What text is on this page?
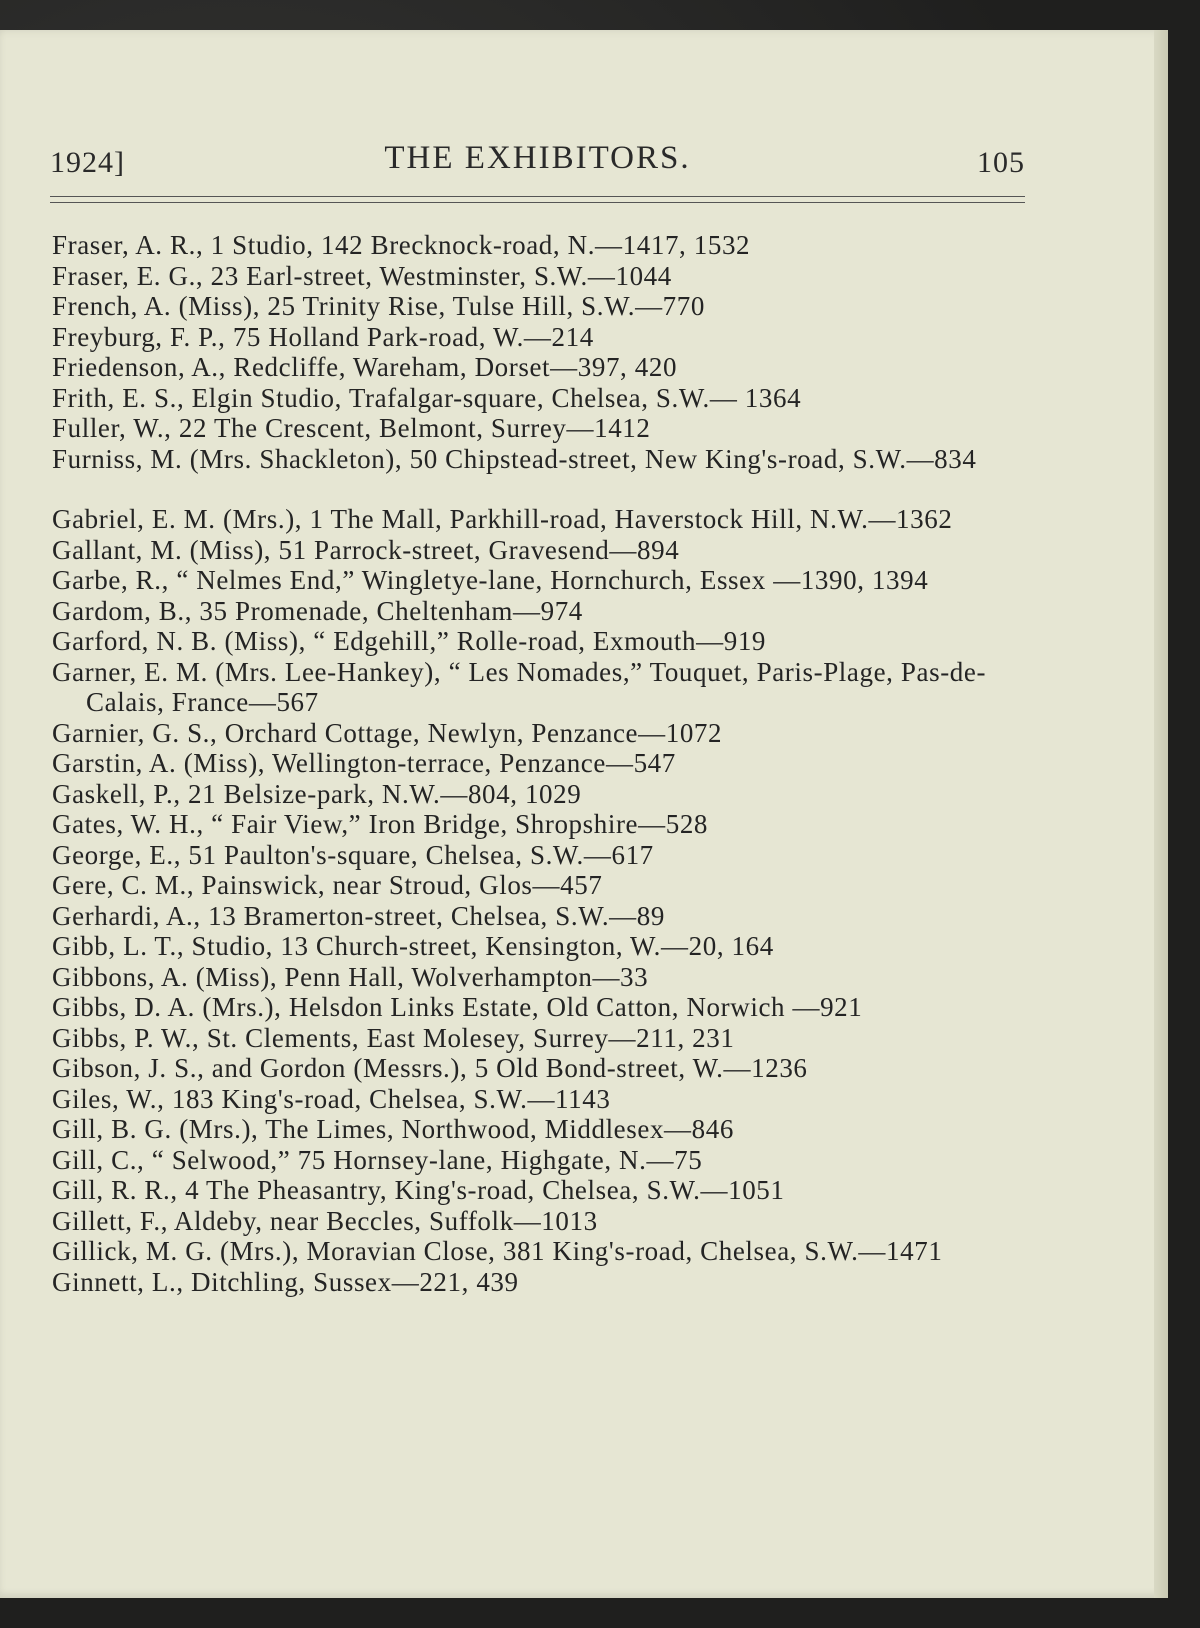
1924]	THE EXHIBITORS.	105

Fraser, A. R., 1 Studio, 142 Brecknock-road, N.—1417, 1532

Fraser, E. G., 23 Earl-street, Westminster, S.W.—1044

French, A. (Miss), 25 Trinity Rise, Tulse Hill, S.W.—770

Freyburg, F. P., 75 Holland Park-road, W.—214

Friedenson, A., Redcliffe, Wareham, Dorset—397, 420

Frith, E. S., Elgin Studio, Trafalgar-square, Chelsea, S.W.— 1364

Fuller, W., 22 The Crescent, Belmont, Surrey—1412

Furniss, M. (Mrs. Shackleton), 50 Chipstead-street, New King's-road, S.W.—834

Gabriel, E. M. (Mrs.), 1 The Mall, Parkhill-road, Haverstock Hill, N.W.—1362

Gallant, M. (Miss), 51 Parrock-street, Gravesend—894

Garbe, R., “ Nelmes End,” Wingletye-lane, Hornchurch, Essex —1390, 1394

Gardom, B., 35 Promenade, Cheltenham—974

Garford, N. B. (Miss), “ Edgehill,” Rolle-road, Exmouth—919

Garner, E. M. (Mrs. Lee-Hankey), “ Les Nomades,” Touquet, Paris-Plage, Pas-de-Calais, France—567

Garnier, G. S., Orchard Cottage, Newlyn, Penzance—1072

Garstin, A. (Miss), Wellington-terrace, Penzance—547

Gaskell, P., 21 Belsize-park, N.W.—804, 1029

Gates, W. H., “ Fair View,” Iron Bridge, Shropshire—528

George, E., 51 Paulton's-square, Chelsea, S.W.—617

Gere, C. M., Painswick, near Stroud, Glos—457

Gerhardi, A., 13 Bramerton-street, Chelsea, S.W.—89

Gibb, L. T., Studio, 13 Church-street, Kensington, W.—20, 164

Gibbons, A. (Miss), Penn Hall, Wolverhampton—33

Gibbs, D. A. (Mrs.), Helsdon Links Estate, Old Catton, Norwich —921

Gibbs, P. W., St. Clements, East Molesey, Surrey—211, 231

Gibson, J. S., and Gordon (Messrs.), 5 Old Bond-street, W.—1236

Giles, W., 183 King's-road, Chelsea, S.W.—1143

Gill, B. G. (Mrs.), The Limes, Northwood, Middlesex—846

Gill, C., “ Selwood,” 75 Hornsey-lane, Highgate, N.—75

Gill, R. R., 4 The Pheasantry, King's-road, Chelsea, S.W.—1051

Gillett, F., Aldeby, near Beccles, Suffolk—1013

Gillick, M. G. (Mrs.), Moravian Close, 381 King's-road, Chelsea, S.W.—1471

Ginnett, L., Ditchling, Sussex—221, 439
